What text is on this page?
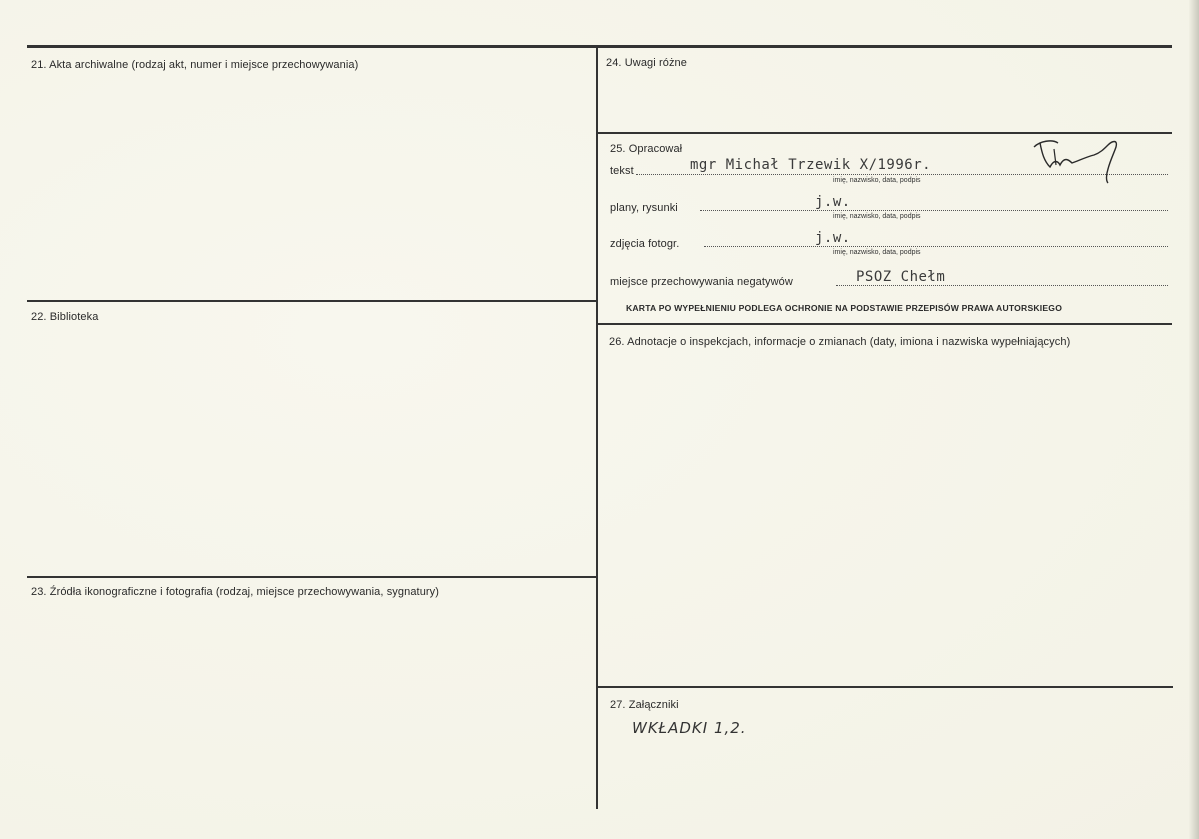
21. Akta archiwalne (rodzaj akt, numer i miejsce przechowywania)
22. Biblioteka
23. Źródła ikonograficzne i fotografia (rodzaj, miejsce przechowywania, sygnatury)
24. Uwagi różne
25. Opracował
tekst	mgr Michał Trzewik X/1996r.
imię, nazwisko, data, podpis
plany, rysunki	j.w.
imię, nazwisko, data, podpis
zdjęcia fotogr.	j.w.
imię, nazwisko, data, podpis
miejsce przechowywania negatywów	PSOZ Chełm
KARTA PO WYPEŁNIENIU PODLEGA OCHRONIE NA PODSTAWIE PRZEPISÓW PRAWA AUTORSKIEGO
26. Adnotacje o inspekcjach, informacje o zmianach (daty, imiona i nazwiska wypełniających)
27. Załączniki
WKŁADKI 1,2.
